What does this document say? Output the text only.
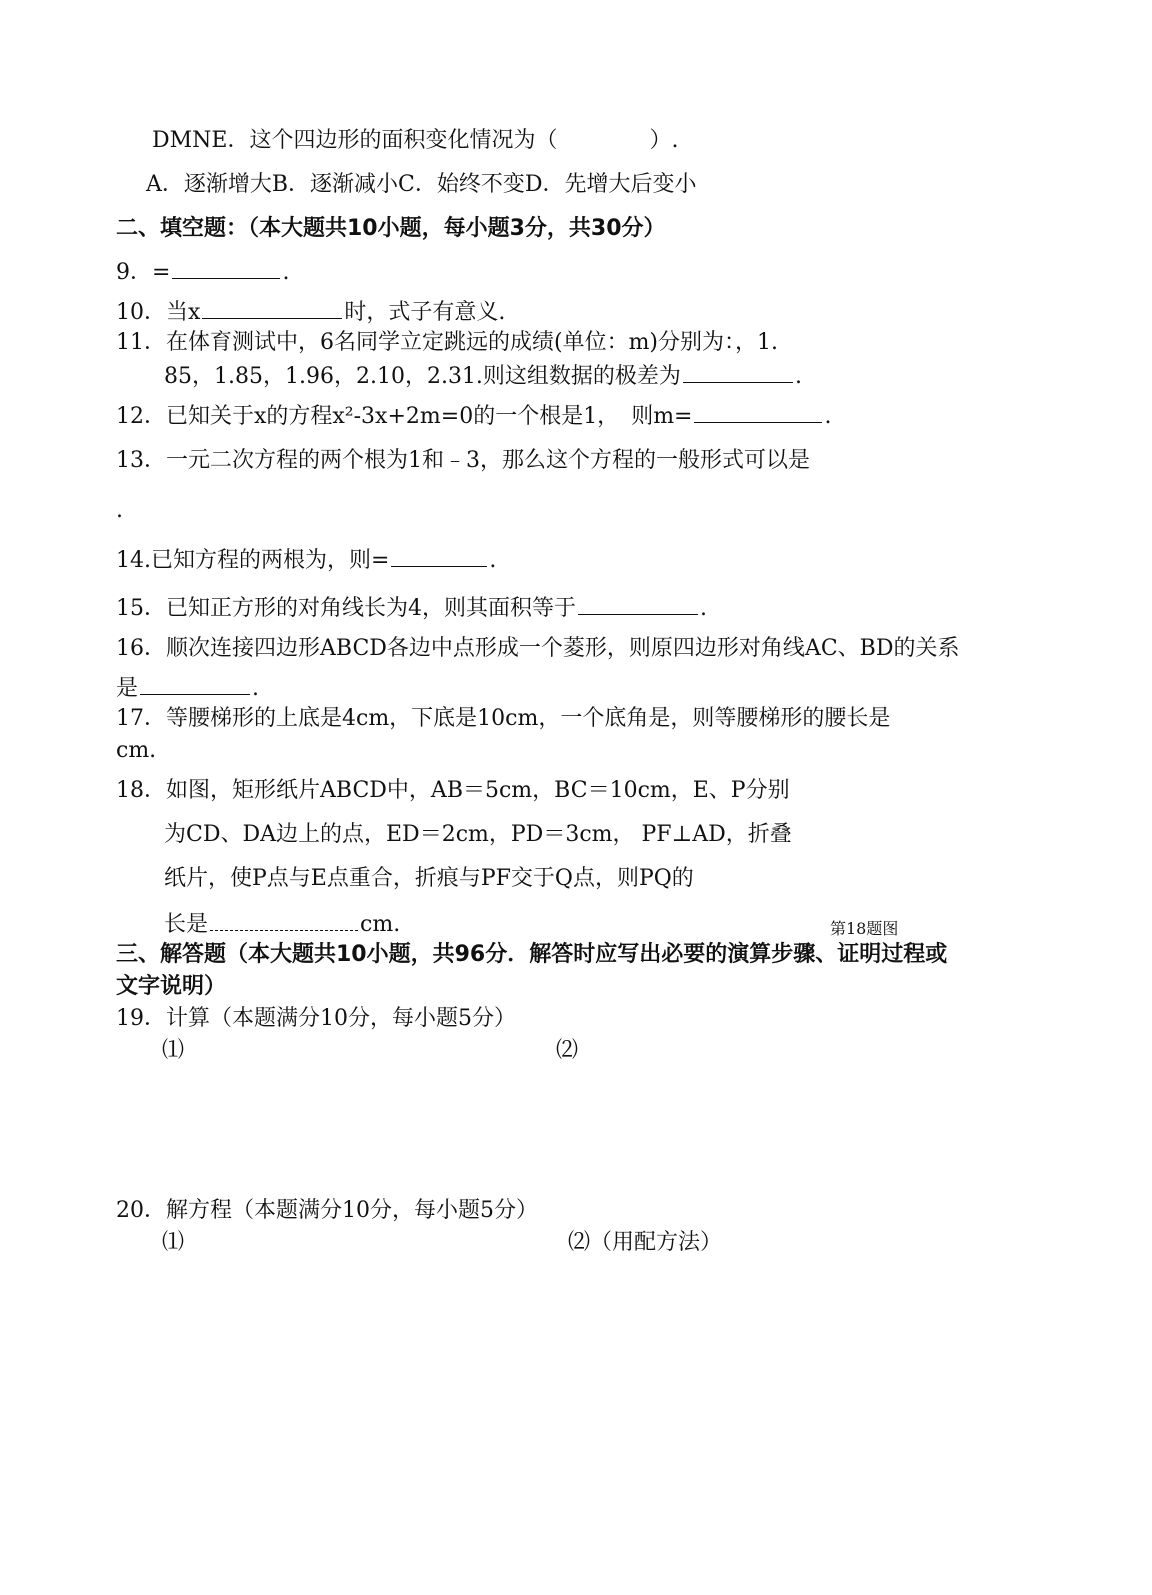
DMNE．这个四边形的面积变化情况为（	）.
A．逐渐增大B．逐渐减小C．始终不变D．先增大后变小
二、填空题：（本大题共10小题，每小题3分，共30分）
9．=	.
10．当x	时，式子有意义.
11．在体育测试中，6名同学立定跳远的成绩(单位：m)分别为：，1.
85，1.85，1.96，2.10，2.31.则这组数据的极差为	.
12．已知关于x的方程x²-3x+2m=0的一个根是1， 则m=	.
13．一元二次方程的两个根为1和﹣3，那么这个方程的一般形式可以是
.
14.已知方程的两根为，则=	.
15．已知正方形的对角线长为4，则其面积等于	.
16．顺次连接四边形ABCD各边中点形成一个菱形，则原四边形对角线AC、BD的关系
是	.
17．等腰梯形的上底是4cm，下底是10cm，一个底角是，则等腰梯形的腰长是
cm.
18．如图，矩形纸片ABCD中，AB＝5cm，BC＝10cm，E、P分别
为CD、DA边上的点，ED＝2cm，PD＝3cm， PF⊥AD，折叠
纸片，使P点与E点重合，折痕与PF交于Q点，则PQ的
长是	cm.	第18题图
三、解答题（本大题共10小题，共96分．解答时应写出必要的演算步骤、证明过程或
文字说明）
19．计算（本题满分10分，每小题5分）
⑴	⑵
20．解方程（本题满分10分，每小题5分）
⑴	⑵（用配方法）
